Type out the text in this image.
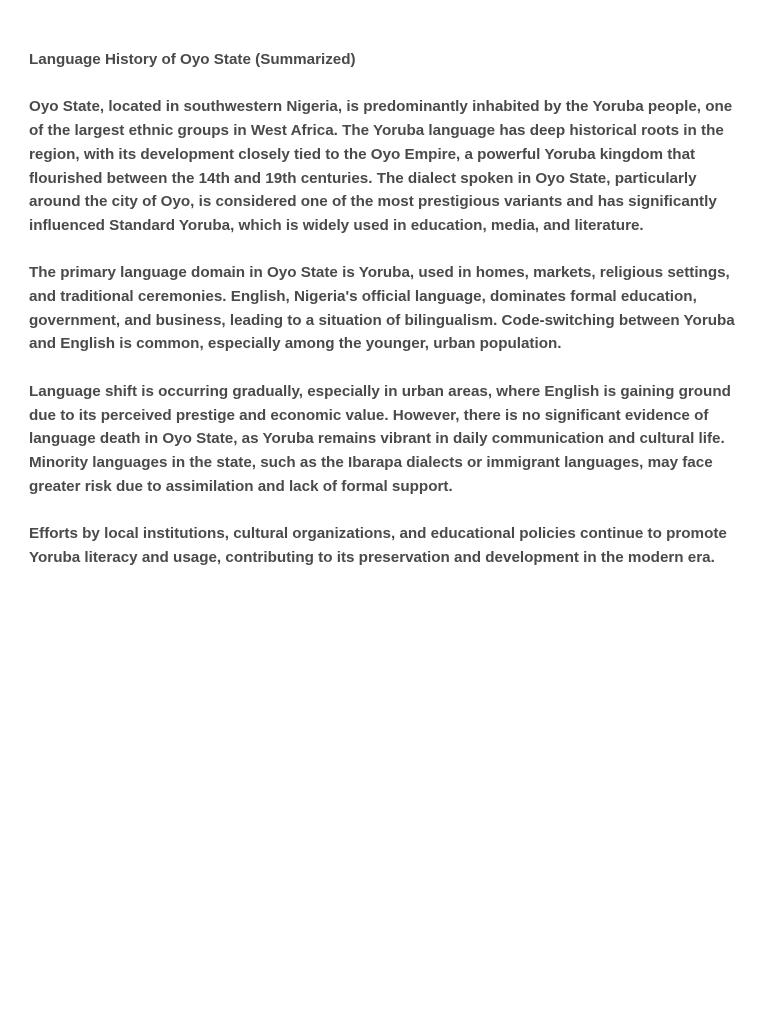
Language History of Oyo State (Summarized)

Oyo State, located in southwestern Nigeria, is predominantly inhabited by the Yoruba people, one of the largest ethnic groups in West Africa. The Yoruba language has deep historical roots in the region, with its development closely tied to the Oyo Empire, a powerful Yoruba kingdom that flourished between the 14th and 19th centuries. The dialect spoken in Oyo State, particularly around the city of Oyo, is considered one of the most prestigious variants and has significantly influenced Standard Yoruba, which is widely used in education, media, and literature.

The primary language domain in Oyo State is Yoruba, used in homes, markets, religious settings, and traditional ceremonies. English, Nigeria's official language, dominates formal education, government, and business, leading to a situation of bilingualism. Code-switching between Yoruba and English is common, especially among the younger, urban population.

Language shift is occurring gradually, especially in urban areas, where English is gaining ground due to its perceived prestige and economic value. However, there is no significant evidence of language death in Oyo State, as Yoruba remains vibrant in daily communication and cultural life. Minority languages in the state, such as the Ibarapa dialects or immigrant languages, may face greater risk due to assimilation and lack of formal support.

Efforts by local institutions, cultural organizations, and educational policies continue to promote Yoruba literacy and usage, contributing to its preservation and development in the modern era.
